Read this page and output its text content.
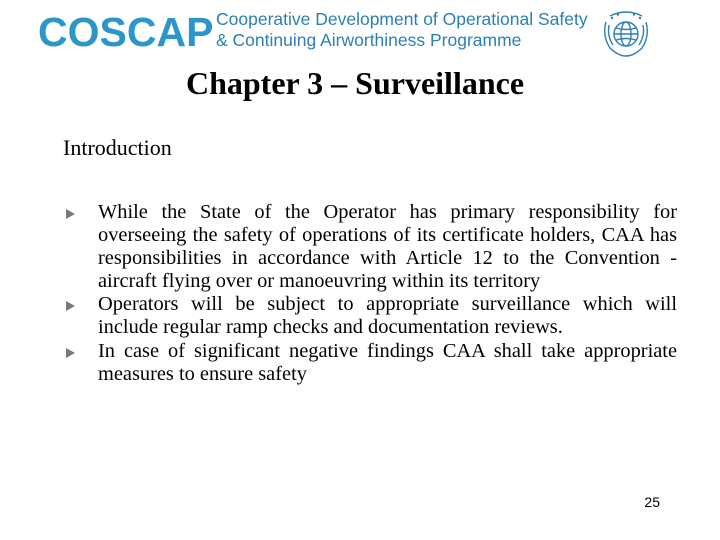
COSCAP Cooperative Development of Operational Safety
& Continuing Airworthiness Programme
Chapter 3 – Surveillance
Introduction
While the State of the Operator has primary responsibility for overseeing the safety of operations of its certificate holders, CAA has responsibilities in accordance with Article 12 to the Convention - aircraft flying over or manoeuvring within its territory
Operators will be subject to appropriate surveillance which will include regular ramp checks and documentation reviews.
In case of significant negative findings CAA shall take appropriate measures to ensure safety
25
